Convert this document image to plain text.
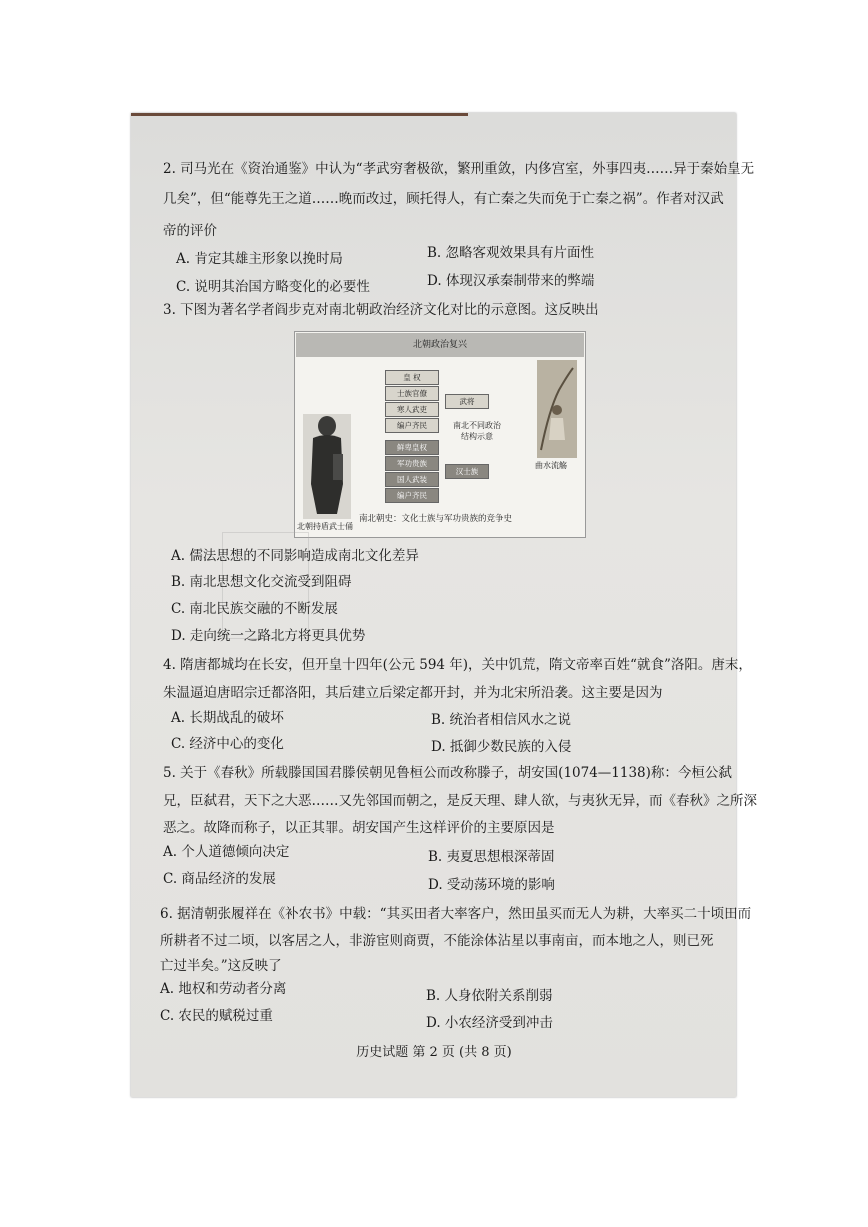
2. 司马光在《资治通鉴》中认为“孝武穷奢极欲，繁刑重敛，内侈宫室，外事四夷……异于秦始皇无
几矣”，但“能尊先王之道……晚而改过，顾托得人，有亡秦之失而免于亡秦之祸”。作者对汉武
帝的评价
A. 肯定其雄主形象以挽时局	B. 忽略客观效果具有片面性
C. 说明其治国方略变化的必要性	D. 体现汉承秦制带来的弊端
3. 下图为著名学者阎步克对南北朝政治经济文化对比的示意图。这反映出
北朝政治复兴
北朝持盾武士俑
皇 权
士族官僚
寒人武吏
编户齐民
鲜卑皇权
军功贵族
国人武装
编户齐民
武将
汉士族
南北不同政治
结构示意
曲水流觞
南北朝史：文化士族与军功贵族的竞争史
A. 儒法思想的不同影响造成南北文化差异
B. 南北思想文化交流受到阻碍
C. 南北民族交融的不断发展
D. 走向统一之路北方将更具优势
4. 隋唐都城均在长安，但开皇十四年(公元 594 年)，关中饥荒，隋文帝率百姓“就食”洛阳。唐末，
朱温逼迫唐昭宗迁都洛阳，其后建立后梁定都开封，并为北宋所沿袭。这主要是因为
A. 长期战乱的破坏	B. 统治者相信风水之说
C. 经济中心的变化	D. 抵御少数民族的入侵
5. 关于《春秋》所载滕国国君滕侯朝见鲁桓公而改称滕子，胡安国(1074—1138)称：今桓公弑
兄，臣弑君，天下之大恶……又先邻国而朝之，是反天理、肆人欲，与夷狄无异，而《春秋》之所深
恶之。故降而称子，以正其罪。胡安国产生这样评价的主要原因是
A. 个人道德倾向决定	B. 夷夏思想根深蒂固
C. 商品经济的发展	D. 受动荡环境的影响
6. 据清朝张履祥在《补农书》中载：“其买田者大率客户，然田虽买而无人为耕，大率买二十顷田而
所耕者不过二顷，以客居之人，非游宦则商贾，不能涂体沾星以事南亩，而本地之人，则已死
亡过半矣。”这反映了
A. 地权和劳动者分离	B. 人身依附关系削弱
C. 农民的赋税过重	D. 小农经济受到冲击
历史试题 第 2 页 (共 8 页)
